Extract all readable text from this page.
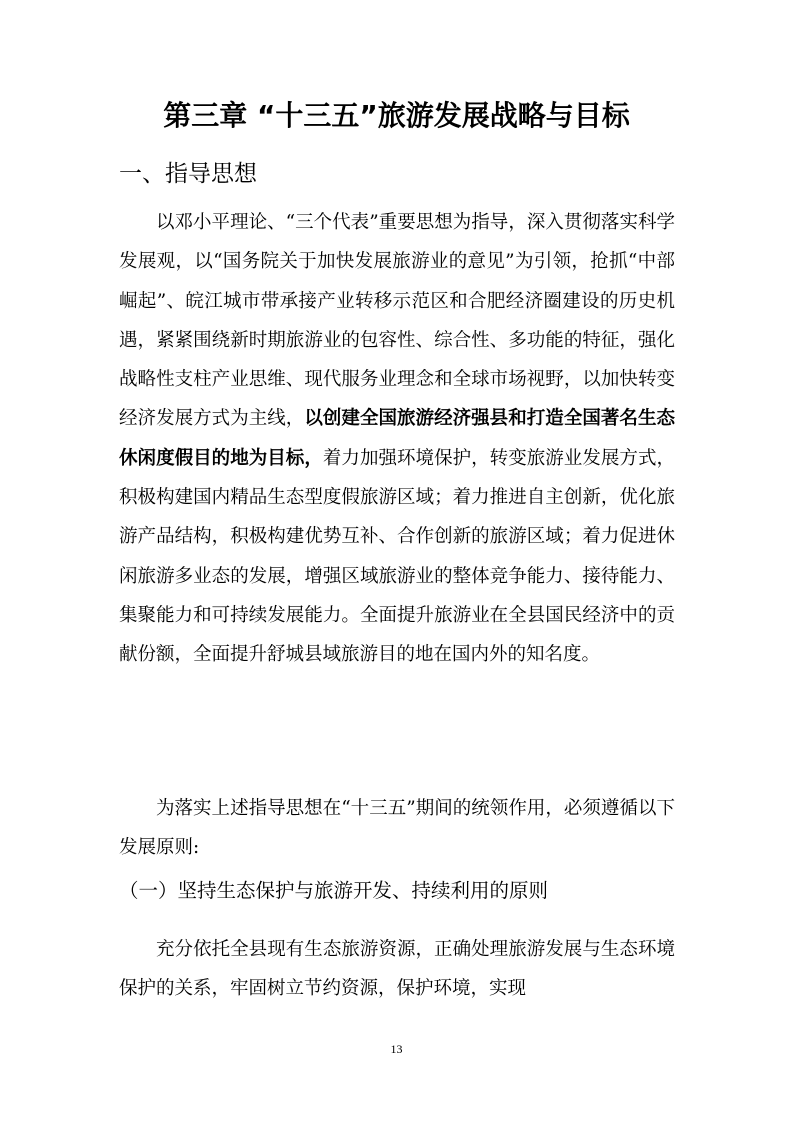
第三章 “十三五”旅游发展战略与目标
一、指导思想

以邓小平理论、“三个代表”重要思想为指导，深入贯彻落实科学发展观，以“国务院关于加快发展旅游业的意见”为引领，抢抓“中部崛起”、皖江城市带承接产业转移示范区和合肥经济圈建设的历史机遇，紧紧围绕新时期旅游业的包容性、综合性、多功能的特征，强化战略性支柱产业思维、现代服务业理念和全球市场视野，以加快转变经济发展方式为主线，以创建全国旅游经济强县和打造全国著名生态休闲度假目的地为目标，着力加强环境保护，转变旅游业发展方式，积极构建国内精品生态型度假旅游区域；着力推进自主创新，优化旅游产品结构，积极构建优势互补、合作创新的旅游区域；着力促进休闲旅游多业态的发展，增强区域旅游业的整体竞争能力、接待能力、集聚能力和可持续发展能力。全面提升旅游业在全县国民经济中的贡献份额，全面提升舒城县域旅游目的地在国内外的知名度。

为落实上述指导思想在“十三五”期间的统领作用，必须遵循以下发展原则:

（一）坚持生态保护与旅游开发、持续利用的原则

充分依托全县现有生态旅游资源，正确处理旅游发展与生态环境保护的关系，牢固树立节约资源，保护环境，实现

13
